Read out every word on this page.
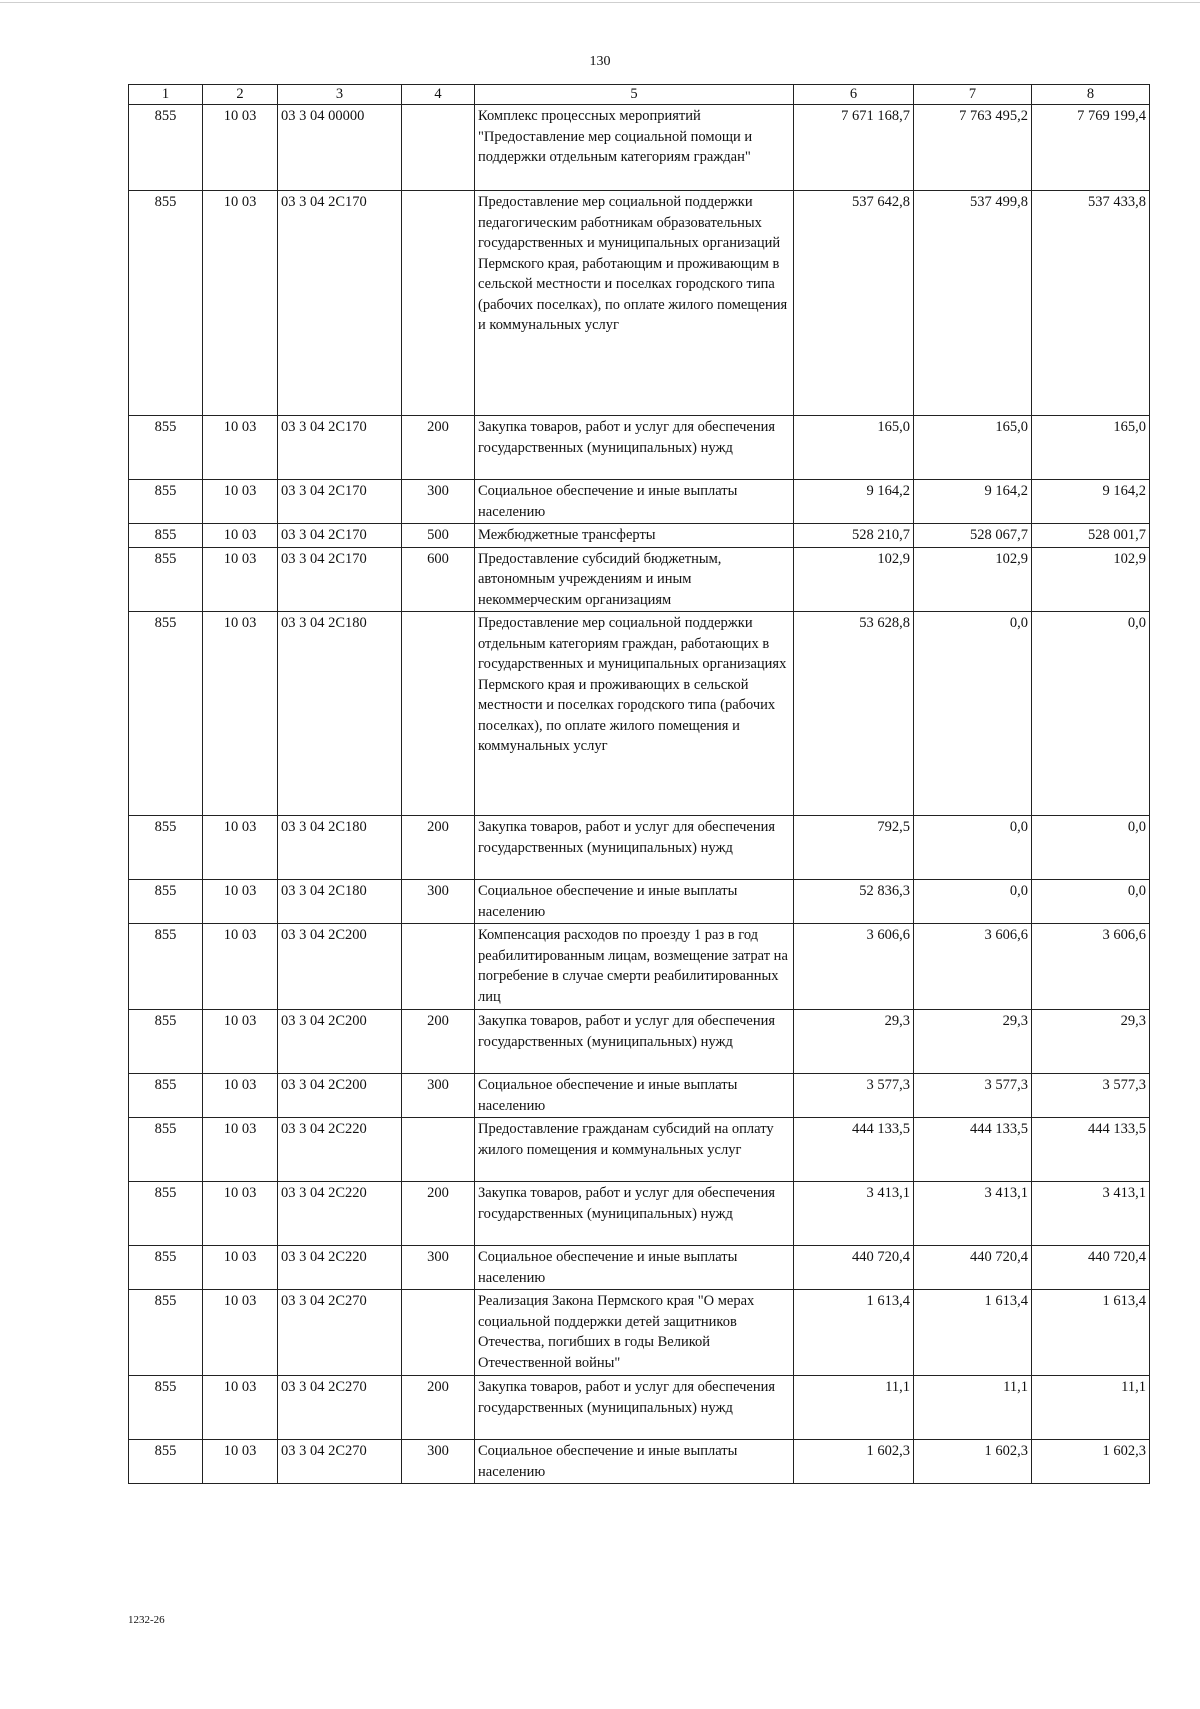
130
1	2	3	4	5	6	7	8
855	10 03	03 3 04 00000		Комплекс процессных мероприятий "Предоставление мер социальной помощи и поддержки отдельным категориям граждан"	7 671 168,7	7 763 495,2	7 769 199,4
855	10 03	03 3 04 2С170		Предоставление мер социальной поддержки педагогическим работникам образовательных государственных и муниципальных организаций Пермского края, работающим и проживающим в сельской местности и поселках городского типа (рабочих поселках), по оплате жилого помещения и коммунальных услуг	537 642,8	537 499,8	537 433,8
855	10 03	03 3 04 2С170	200	Закупка товаров, работ и услуг для обеспечения государственных (муниципальных) нужд	165,0	165,0	165,0
855	10 03	03 3 04 2С170	300	Социальное обеспечение и иные выплаты населению	9 164,2	9 164,2	9 164,2
855	10 03	03 3 04 2С170	500	Межбюджетные трансферты	528 210,7	528 067,7	528 001,7
855	10 03	03 3 04 2С170	600	Предоставление субсидий бюджетным, автономным учреждениям и иным некоммерческим организациям	102,9	102,9	102,9
855	10 03	03 3 04 2С180		Предоставление мер социальной поддержки отдельным категориям граждан, работающих в государственных и муниципальных организациях Пермского края и проживающих в сельской местности и поселках городского типа (рабочих поселках), по оплате жилого помещения и коммунальных услуг	53 628,8	0,0	0,0
855	10 03	03 3 04 2С180	200	Закупка товаров, работ и услуг для обеспечения государственных (муниципальных) нужд	792,5	0,0	0,0
855	10 03	03 3 04 2С180	300	Социальное обеспечение и иные выплаты населению	52 836,3	0,0	0,0
855	10 03	03 3 04 2С200		Компенсация расходов по проезду 1 раз в год реабилитированным лицам, возмещение затрат на погребение в случае смерти реабилитированных лиц	3 606,6	3 606,6	3 606,6
855	10 03	03 3 04 2С200	200	Закупка товаров, работ и услуг для обеспечения государственных (муниципальных) нужд	29,3	29,3	29,3
855	10 03	03 3 04 2С200	300	Социальное обеспечение и иные выплаты населению	3 577,3	3 577,3	3 577,3
855	10 03	03 3 04 2С220		Предоставление гражданам субсидий на оплату жилого помещения и коммунальных услуг	444 133,5	444 133,5	444 133,5
855	10 03	03 3 04 2С220	200	Закупка товаров, работ и услуг для обеспечения государственных (муниципальных) нужд	3 413,1	3 413,1	3 413,1
855	10 03	03 3 04 2С220	300	Социальное обеспечение и иные выплаты населению	440 720,4	440 720,4	440 720,4
855	10 03	03 3 04 2С270		Реализация Закона Пермского края "О мерах социальной поддержки детей защитников Отечества, погибших в годы Великой Отечественной войны"	1 613,4	1 613,4	1 613,4
855	10 03	03 3 04 2С270	200	Закупка товаров, работ и услуг для обеспечения государственных (муниципальных) нужд	11,1	11,1	11,1
855	10 03	03 3 04 2С270	300	Социальное обеспечение и иные выплаты населению	1 602,3	1 602,3	1 602,3
1232-26
